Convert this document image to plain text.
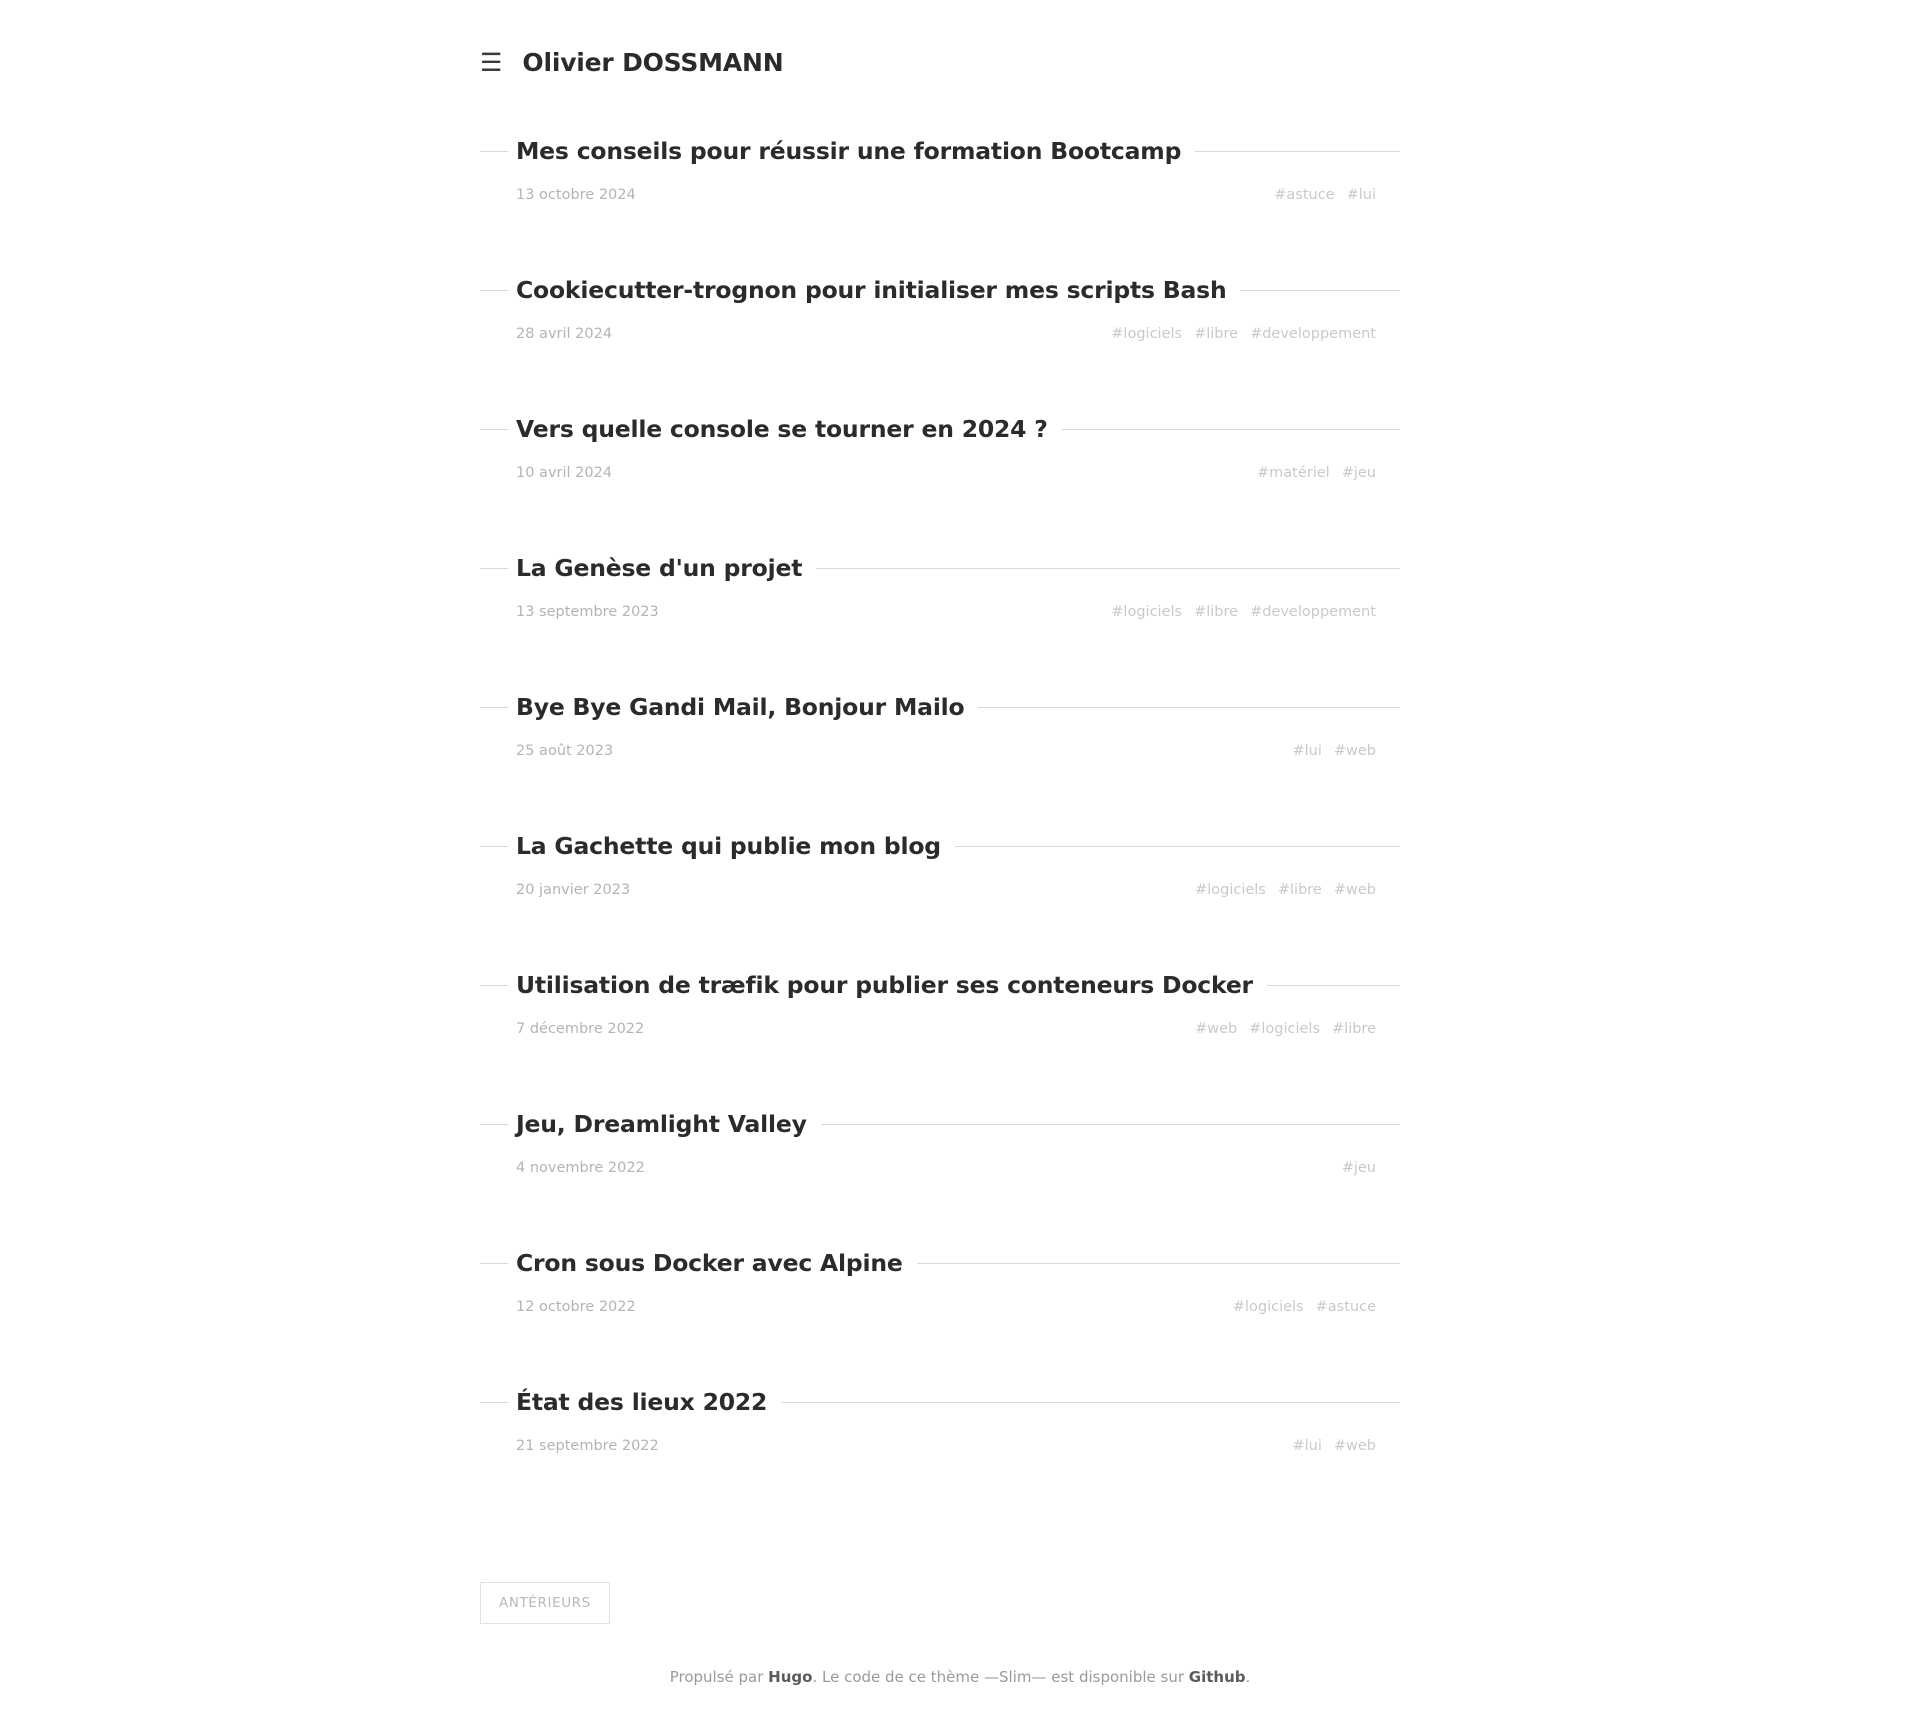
☰ Olivier DOSSMANN
Mes conseils pour réussir une formation Bootcamp
13 octobre 2024	#astuce #lui
Cookiecutter-trognon pour initialiser mes scripts Bash
28 avril 2024	#logiciels #libre #developpement
Vers quelle console se tourner en 2024 ?
10 avril 2024	#matériel #jeu
La Genèse d'un projet
13 septembre 2023	#logiciels #libre #developpement
Bye Bye Gandi Mail, Bonjour Mailo
25 août 2023	#lui #web
La Gachette qui publie mon blog
20 janvier 2023	#logiciels #libre #web
Utilisation de træfik pour publier ses conteneurs Docker
7 décembre 2022	#web #logiciels #libre
Jeu, Dreamlight Valley
4 novembre 2022	#jeu
Cron sous Docker avec Alpine
12 octobre 2022	#logiciels #astuce
État des lieux 2022
21 septembre 2022	#lui #web
ANTÉRIEURS
Propulsé par Hugo. Le code de ce thème —Slim— est disponible sur Github.
